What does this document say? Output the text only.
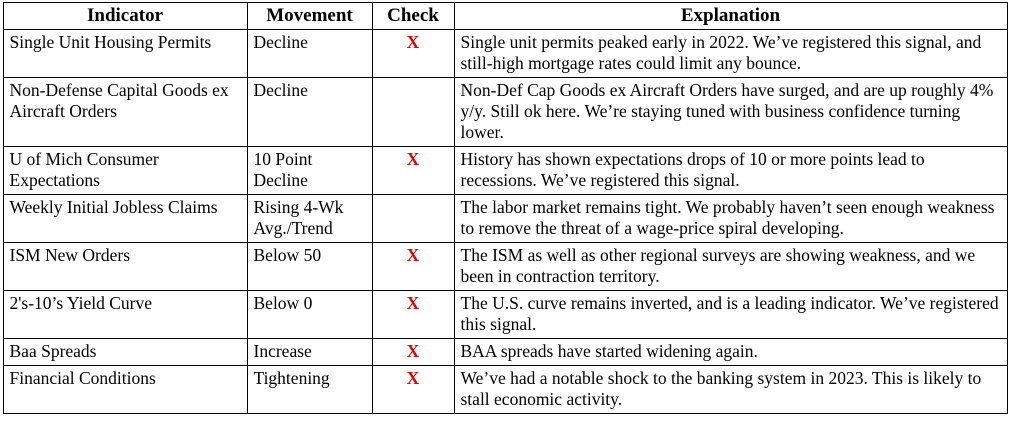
Indicator	Movement	Check	Explanation
Single Unit Housing Permits	Decline	X	Single unit permits peaked early in 2022. We’ve registered this signal, and still-high mortgage rates could limit any bounce.
Non-Defense Capital Goods ex Aircraft Orders	Decline		Non-Def Cap Goods ex Aircraft Orders have surged, and are up roughly 4% y/y. Still ok here. We’re staying tuned with business confidence turning lower.
U of Mich Consumer Expectations	10 Point Decline	X	History has shown expectations drops of 10 or more points lead to recessions. We’ve registered this signal.
Weekly Initial Jobless Claims	Rising 4-Wk Avg./Trend		The labor market remains tight. We probably haven’t seen enough weakness to remove the threat of a wage-price spiral developing.
ISM New Orders	Below 50	X	The ISM as well as other regional surveys are showing weakness, and we been in contraction territory.
2's-10’s Yield Curve	Below 0	X	The U.S. curve remains inverted, and is a leading indicator. We’ve registered this signal.
Baa Spreads	Increase	X	BAA spreads have started widening again.
Financial Conditions	Tightening	X	We’ve had a notable shock to the banking system in 2023. This is likely to stall economic activity.
